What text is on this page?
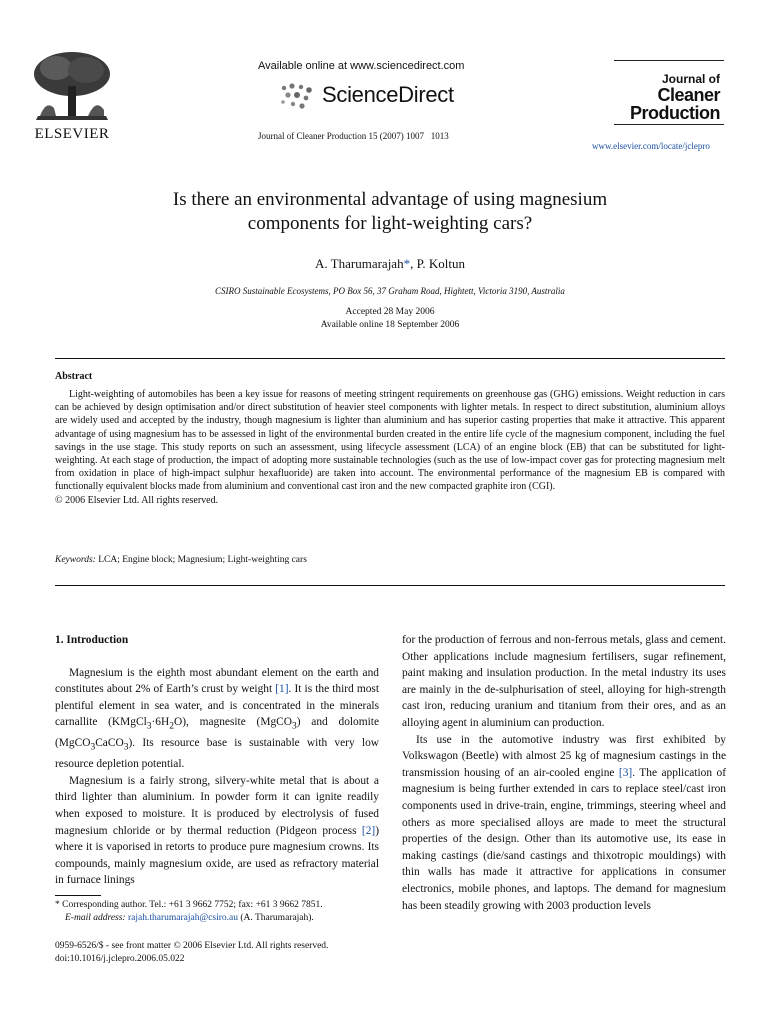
ELSEVIER
Available online at www.sciencedirect.com
ScienceDirect
Journal of Cleaner Production 15 (2007) 1007   1013
Journal of
Cleaner
Production
www.elsevier.com/locate/jclepro
Is there an environmental advantage of using magnesium
components for light-weighting cars?
A. Tharumarajah*, P. Koltun
CSIRO Sustainable Ecosystems, PO Box 56, 37 Graham Road, Hightett, Victoria 3190, Australia
Accepted 28 May 2006
Available online 18 September 2006
Abstract
Light-weighting of automobiles has been a key issue for reasons of meeting stringent requirements on greenhouse gas (GHG) emissions. Weight reduction in cars can be achieved by design optimisation and/or direct substitution of heavier steel components with lighter metals. In respect to direct substitution, aluminium alloys are widely used and accepted by the industry, though magnesium is lighter than aluminium and has superior casting properties that make it attractive. This apparent advantage of using magnesium has to be assessed in light of the environmental burden created in the entire life cycle of the magnesium component, including the fuel savings in the use stage. This study reports on such an assessment, using lifecycle assessment (LCA) of an engine block (EB) that can be substituted for light-weighting. At each stage of production, the impact of adopting more sustainable technologies (such as the use of low-impact cover gas for protecting magnesium melt from oxidation in place of high-impact sulphur hexafluoride) are taken into account. The environmental performance of the magnesium EB is compared with functionally equivalent blocks made from aluminium and conventional cast iron and the new compacted graphite iron (CGI).
© 2006 Elsevier Ltd. All rights reserved.
Keywords: LCA; Engine block; Magnesium; Light-weighting cars
1. Introduction

Magnesium is the eighth most abundant element on the earth and constitutes about 2% of Earth’s crust by weight [1]. It is the third most plentiful element in sea water, and is concentrated in the minerals carnallite $(KMgCl_3\cdot 6H_2O)$, magnesite (MgCO$_3$) and dolomite (MgCO$_3$CaCO$_3$). Its resource base is sustainable with very low resource depletion potential.

Magnesium is a fairly strong, silvery-white metal that is about a third lighter than aluminium. In powder form it can ignite readily when exposed to moisture. It is produced by electrolysis of fused magnesium chloride or by thermal reduction (Pidgeon process [2]) where it is vaporised in retorts to produce pure magnesium crowns. Its compounds, mainly magnesium oxide, are used as refractory material in furnace linings

for the production of ferrous and non-ferrous metals, glass and cement. Other applications include magnesium fertilisers, sugar refinement, paint making and insulation production. In the metal industry its uses are mainly in the de-sulphurisation of steel, alloying for high-strength cast iron, reducing uranium and titanium from their ores, and as an alloying agent in aluminium can production.

Its use in the automotive industry was first exhibited by Volkswagon (Beetle) with almost 25 kg of magnesium castings in the transmission housing of an air-cooled engine [3]. The application of magnesium is being further extended in cars to replace steel/cast iron components used in drive-train, engine, trimmings, steering wheel and others as more specialised alloys are made to meet the structural properties of the design. Other than its automotive use, its ease in making castings (die/sand castings and thixotropic mouldings) with thin walls has made it attractive for applications in consumer electronics, mobile phones, and laptops. The demand for magnesium has been steadily growing with 2003 production levels

* Corresponding author. Tel.: +61 3 9662 7752; fax: +61 3 9662 7851.
E-mail address: rajah.tharumarajah@csiro.au (A. Tharumarajah).
0959-6526/$ - see front matter © 2006 Elsevier Ltd. All rights reserved.
doi:10.1016/j.jclepro.2006.05.022
